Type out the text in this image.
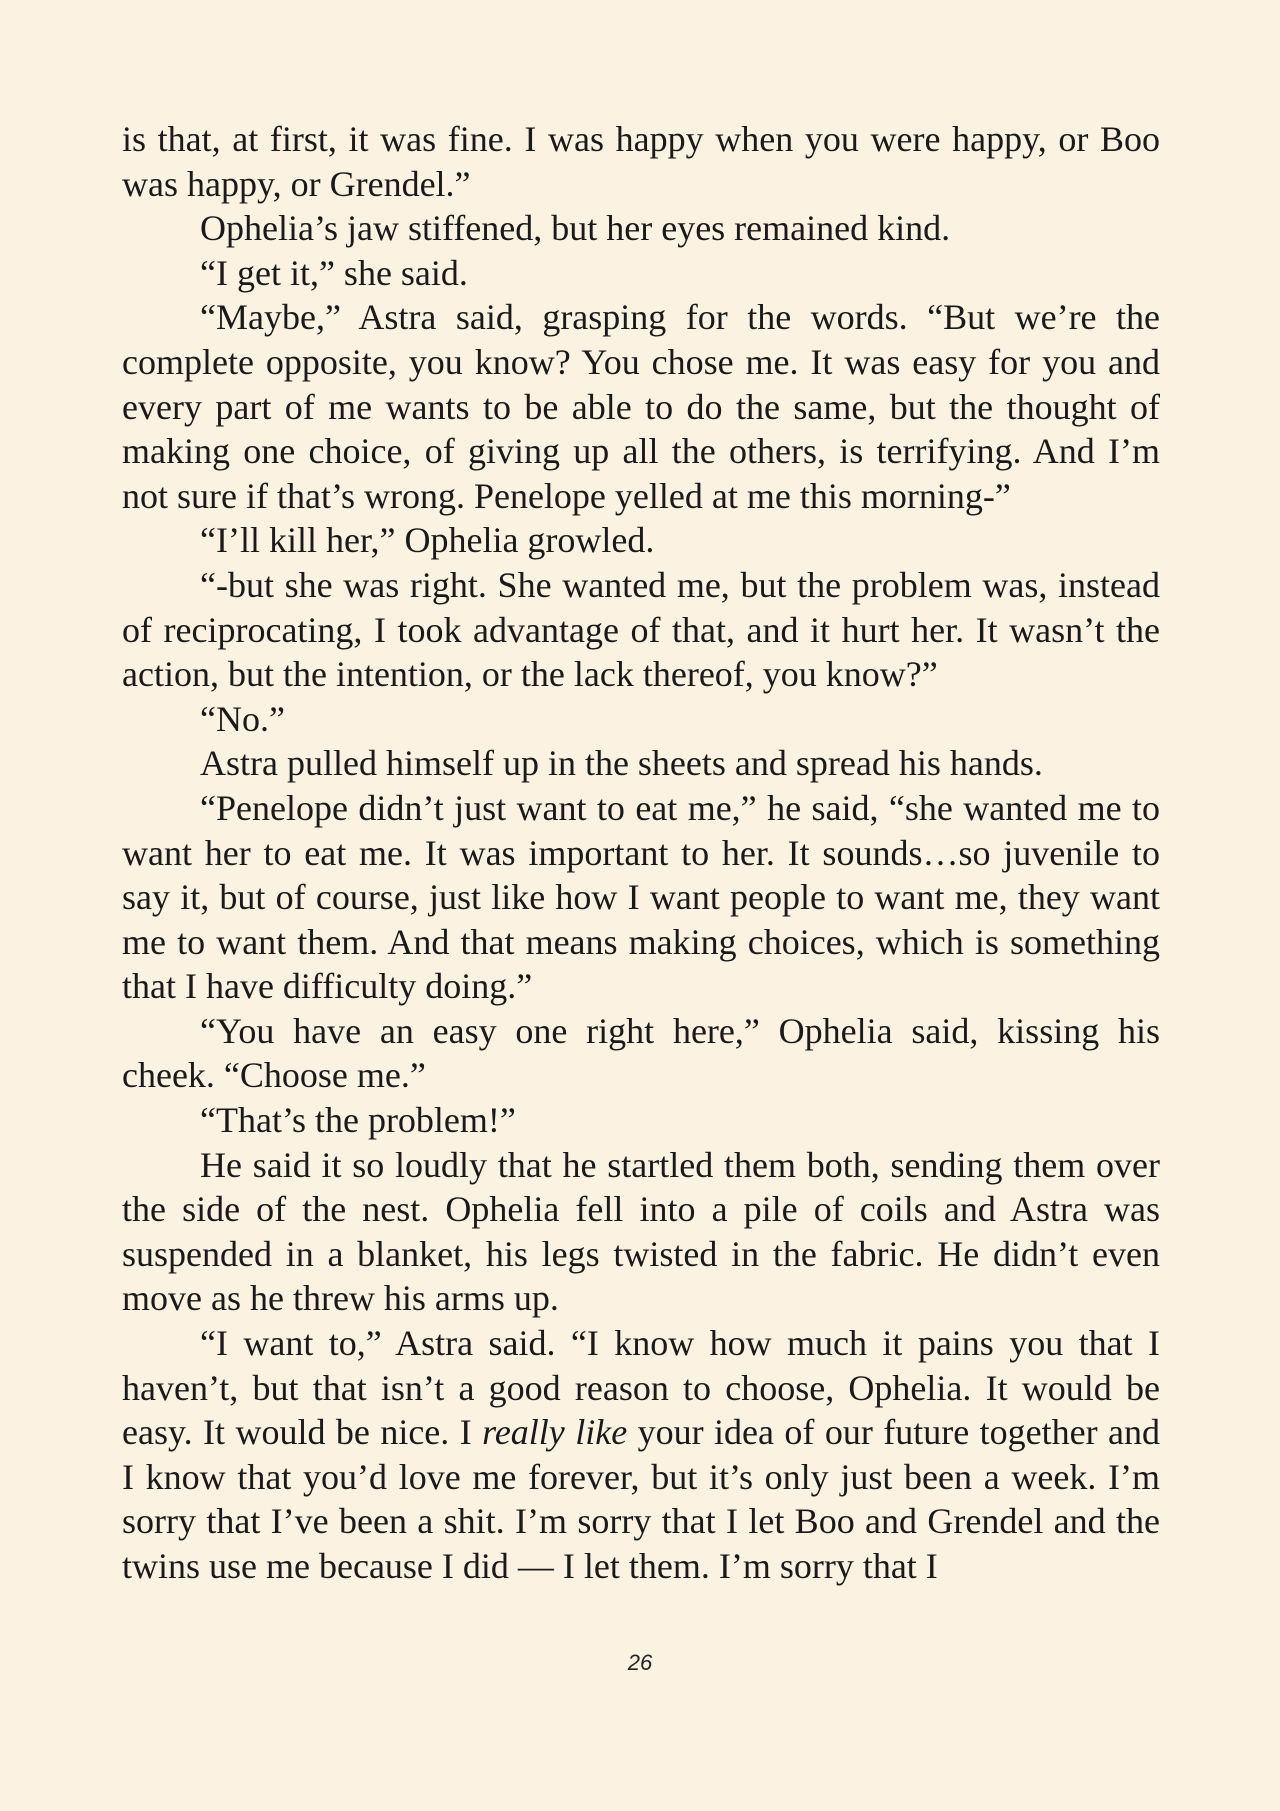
is that, at first, it was fine. I was happy when you were happy, or Boo was happy, or Grendel.”

Ophelia’s jaw stiffened, but her eyes remained kind.

“I get it,” she said.

“Maybe,” Astra said, grasping for the words. “But we’re the complete opposite, you know? You chose me. It was easy for you and every part of me wants to be able to do the same, but the thought of making one choice, of giving up all the others, is terrifying. And I’m not sure if that’s wrong. Penelope yelled at me this morning-”

“I’ll kill her,” Ophelia growled.

“-but she was right. She wanted me, but the problem was, instead of reciprocating, I took advantage of that, and it hurt her. It wasn’t the action, but the intention, or the lack thereof, you know?”

“No.”

Astra pulled himself up in the sheets and spread his hands.

“Penelope didn’t just want to eat me,” he said, “she wanted me to want her to eat me. It was important to her. It sounds…so juvenile to say it, but of course, just like how I want people to want me, they want me to want them. And that means making choices, which is something that I have difficulty doing.”

“You have an easy one right here,” Ophelia said, kissing his cheek. “Choose me.”

“That’s the problem!”

He said it so loudly that he startled them both, sending them over the side of the nest. Ophelia fell into a pile of coils and Astra was suspended in a blanket, his legs twisted in the fabric. He didn’t even move as he threw his arms up.

“I want to,” Astra said. “I know how much it pains you that I haven’t, but that isn’t a good reason to choose, Ophelia. It would be easy. It would be nice. I really like your idea of our future together and I know that you’d love me forever, but it’s only just been a week. I’m sorry that I’ve been a shit. I’m sorry that I let Boo and Grendel and the twins use me because I did — I let them. I’m sorry that I

26
